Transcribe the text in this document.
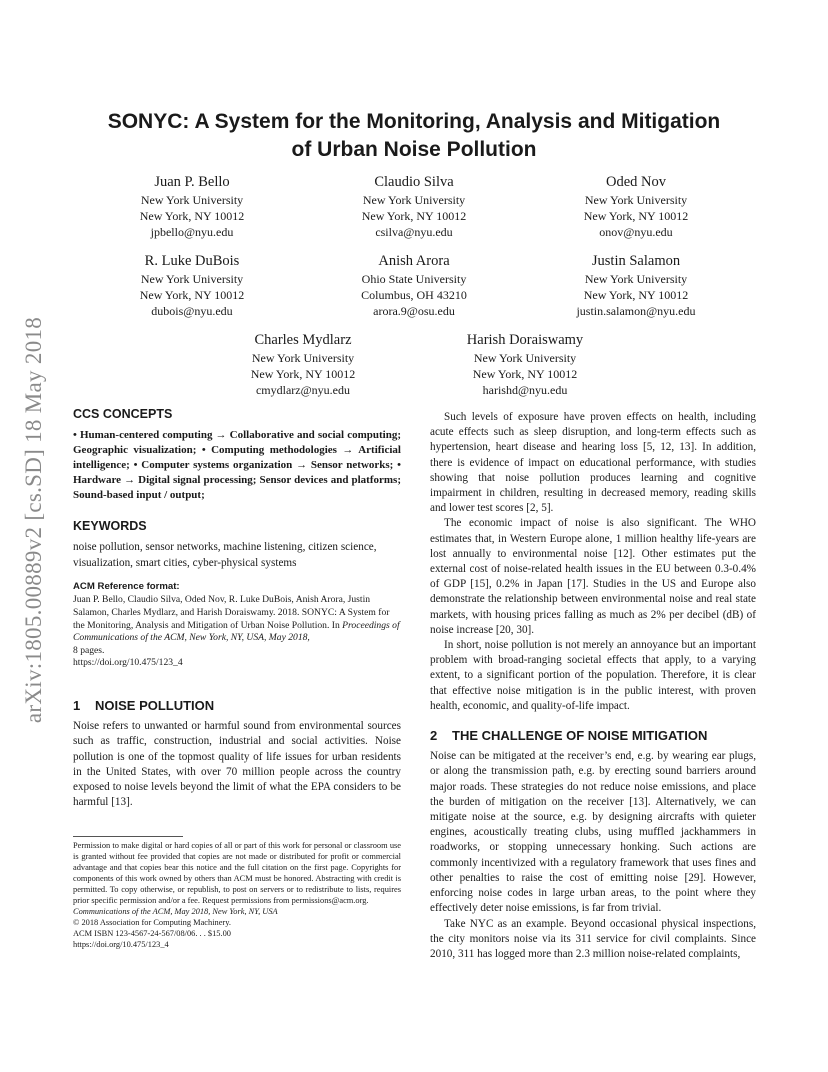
arXiv:1805.00889v2 [cs.SD] 18 May 2018
SONYC: A System for the Monitoring, Analysis and Mitigation
of Urban Noise Pollution
Juan P. Bello
New York University
New York, NY 10012
jpbello@nyu.edu
Claudio Silva
New York University
New York, NY 10012
csilva@nyu.edu
Oded Nov
New York University
New York, NY 10012
onov@nyu.edu
R. Luke DuBois
New York University
New York, NY 10012
dubois@nyu.edu
Anish Arora
Ohio State University
Columbus, OH 43210
arora.9@osu.edu
Justin Salamon
New York University
New York, NY 10012
justin.salamon@nyu.edu
Charles Mydlarz
New York University
New York, NY 10012
cmydlarz@nyu.edu
Harish Doraiswamy
New York University
New York, NY 10012
harishd@nyu.edu
CCS CONCEPTS

• Human-centered computing → Collaborative and social computing; Geographic visualization; • Computing methodologies → Artificial intelligence; • Computer systems organization → Sensor networks; • Hardware → Digital signal processing; Sensor devices and platforms; Sound-based input / output;

KEYWORDS

noise pollution, sensor networks, machine listening, citizen science, visualization, smart cities, cyber-physical systems

ACM Reference format:
Juan P. Bello, Claudio Silva, Oded Nov, R. Luke DuBois, Anish Arora, Justin Salamon, Charles Mydlarz, and Harish Doraiswamy. 2018. SONYC: A System for the Monitoring, Analysis and Mitigation of Urban Noise Pollution. In Proceedings of Communications of the ACM, New York, NY, USA, May 2018,
8 pages.
https://doi.org/10.475/123_4
1 NOISE POLLUTION

Noise refers to unwanted or harmful sound from environmental sources such as traffic, construction, industrial and social activities. Noise pollution is one of the topmost quality of life issues for urban residents in the United States, with over 70 million people across the country exposed to noise levels beyond the limit of what the EPA considers to be harmful [13].

Permission to make digital or hard copies of all or part of this work for personal or classroom use is granted without fee provided that copies are not made or distributed for profit or commercial advantage and that copies bear this notice and the full citation on the first page. Copyrights for components of this work owned by others than ACM must be honored. Abstracting with credit is permitted. To copy otherwise, or republish, to post on servers or to redistribute to lists, requires prior specific permission and/or a fee. Request permissions from permissions@acm.org.

Communications of the ACM, May 2018, New York, NY, USA

© 2018 Association for Computing Machinery.

ACM ISBN 123-4567-24-567/08/06. . . $15.00

https://doi.org/10.475/123_4

Such levels of exposure have proven effects on health, including acute effects such as sleep disruption, and long-term effects such as hypertension, heart disease and hearing loss [5, 12, 13]. In addition, there is evidence of impact on educational performance, with studies showing that noise pollution produces learning and cognitive impairment in children, resulting in decreased memory, reading skills and lower test scores [2, 5].

The economic impact of noise is also significant. The WHO estimates that, in Western Europe alone, 1 million healthy life-years are lost annually to environmental noise [12]. Other estimates put the external cost of noise-related health issues in the EU between 0.3-0.4% of GDP [15], 0.2% in Japan [17]. Studies in the US and Europe also demonstrate the relationship between environmental noise and real state markets, with housing prices falling as much as 2% per decibel (dB) of noise increase [20, 30].

In short, noise pollution is not merely an annoyance but an important problem with broad-ranging societal effects that apply, to a varying extent, to a significant portion of the population. Therefore, it is clear that effective noise mitigation is in the public interest, with proven health, economic, and quality-of-life impact.

2 THE CHALLENGE OF NOISE MITIGATION

Noise can be mitigated at the receiver’s end, e.g. by wearing ear plugs, or along the transmission path, e.g. by erecting sound barriers around major roads. These strategies do not reduce noise emissions, and place the burden of mitigation on the receiver [13]. Alternatively, we can mitigate noise at the source, e.g. by designing aircrafts with quieter engines, acoustically treating clubs, using muffled jackhammers in roadworks, or stopping unnecessary honking. Such actions are commonly incentivized with a regulatory framework that uses fines and other penalties to raise the cost of emitting noise [29]. However, enforcing noise codes in large urban areas, to the point where they effectively deter noise emissions, is far from trivial.

Take NYC as an example. Beyond occasional physical inspections, the city monitors noise via its 311 service for civil complaints. Since 2010, 311 has logged more than 2.3 million noise-related complaints,
